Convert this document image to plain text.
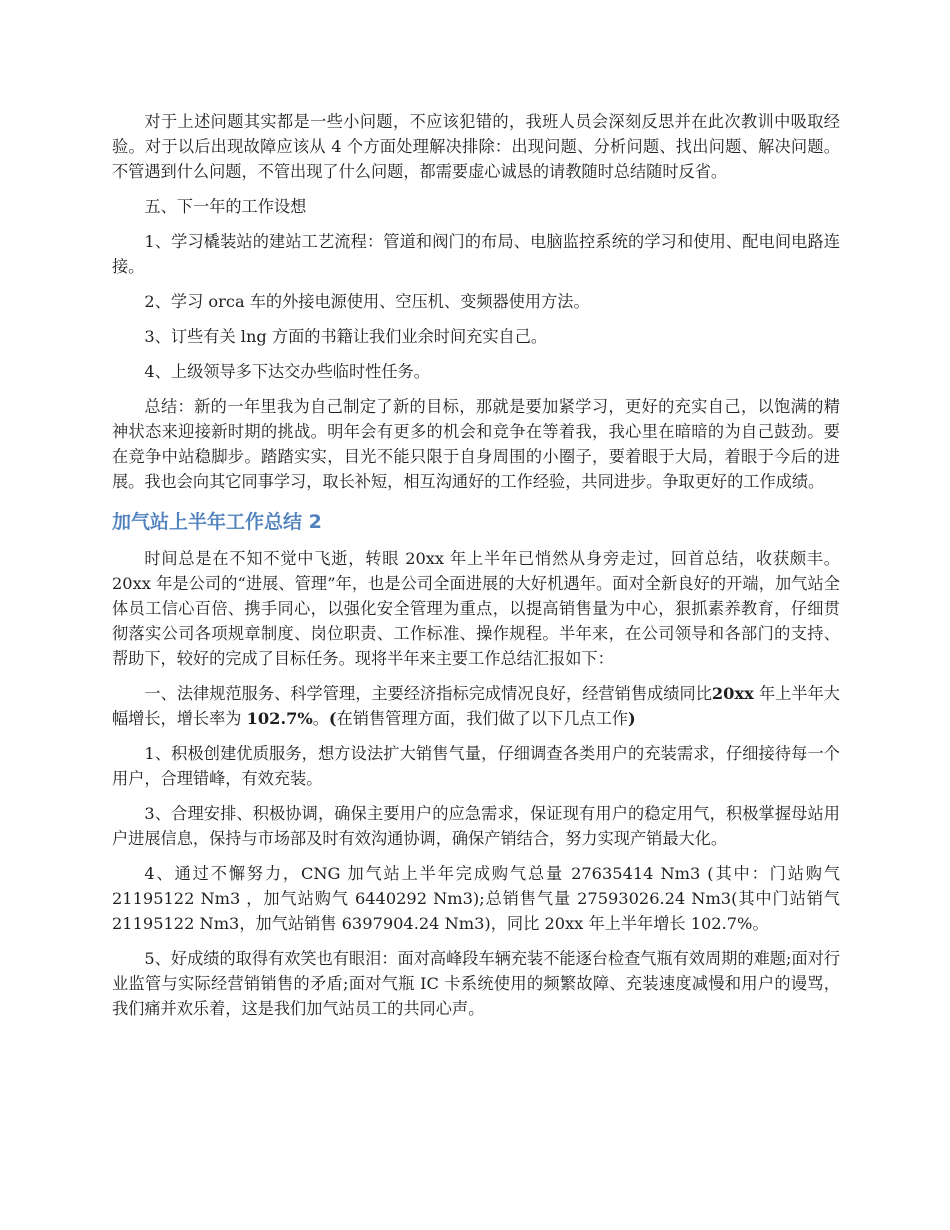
对于上述问题其实都是一些小问题，不应该犯错的，我班人员会深刻反思并在此次教训中吸取经验。对于以后出现故障应该从 4 个方面处理解决排除：出现问题、分析问题、找出问题、解决问题。不管遇到什么问题，不管出现了什么问题，都需要虚心诚恳的请教随时总结随时反省。

五、下一年的工作设想

1、学习橇装站的建站工艺流程：管道和阀门的布局、电脑监控系统的学习和使用、配电间电路连接。

2、学习 orca 车的外接电源使用、空压机、变频器使用方法。

3、订些有关 lng 方面的书籍让我们业余时间充实自己。

4、上级领导多下达交办些临时性任务。

总结：新的一年里我为自己制定了新的目标，那就是要加紧学习，更好的充实自己，以饱满的精神状态来迎接新时期的挑战。明年会有更多的机会和竞争在等着我，我心里在暗暗的为自己鼓劲。要在竞争中站稳脚步。踏踏实实，目光不能只限于自身周围的小圈子，要着眼于大局，着眼于今后的进展。我也会向其它同事学习，取长补短，相互沟通好的工作经验，共同进步。争取更好的工作成绩。

加气站上半年工作总结 2

时间总是在不知不觉中飞逝，转眼 20xx 年上半年已悄然从身旁走过，回首总结，收获颇丰。20xx 年是公司的“进展、管理”年，也是公司全面进展的大好机遇年。面对全新良好的开端，加气站全体员工信心百倍、携手同心，以强化安全管理为重点，以提高销售量为中心，狠抓素养教育，仔细贯彻落实公司各项规章制度、岗位职责、工作标准、操作规程。半年来，在公司领导和各部门的支持、帮助下，较好的完成了目标任务。现将半年来主要工作总结汇报如下：

一、法律规范服务、科学管理，主要经济指标完成情况良好，经营销售成绩同比20xx 年上半年大幅增长，增长率为 102.7%。(在销售管理方面，我们做了以下几点工作)

1、积极创建优质服务，想方设法扩大销售气量，仔细调查各类用户的充装需求，仔细接待每一个用户，合理错峰，有效充装。

3、合理安排、积极协调，确保主要用户的应急需求，保证现有用户的稳定用气，积极掌握母站用户进展信息，保持与市场部及时有效沟通协调，确保产销结合，努力实现产销最大化。

4、通过不懈努力，CNG 加气站上半年完成购气总量 27635414 Nm3 (其中：门站购气 21195122 Nm3 ，加气站购气 6440292 Nm3);总销售气量 27593026.24 Nm3(其中门站销气 21195122 Nm3，加气站销售 6397904.24 Nm3)，同比 20xx 年上半年增长 102.7%。

5、好成绩的取得有欢笑也有眼泪：面对高峰段车辆充装不能逐台检查气瓶有效周期的难题;面对行业监管与实际经营销销售的矛盾;面对气瓶 IC 卡系统使用的频繁故障、充装速度减慢和用户的谩骂，我们痛并欢乐着，这是我们加气站员工的共同心声。
